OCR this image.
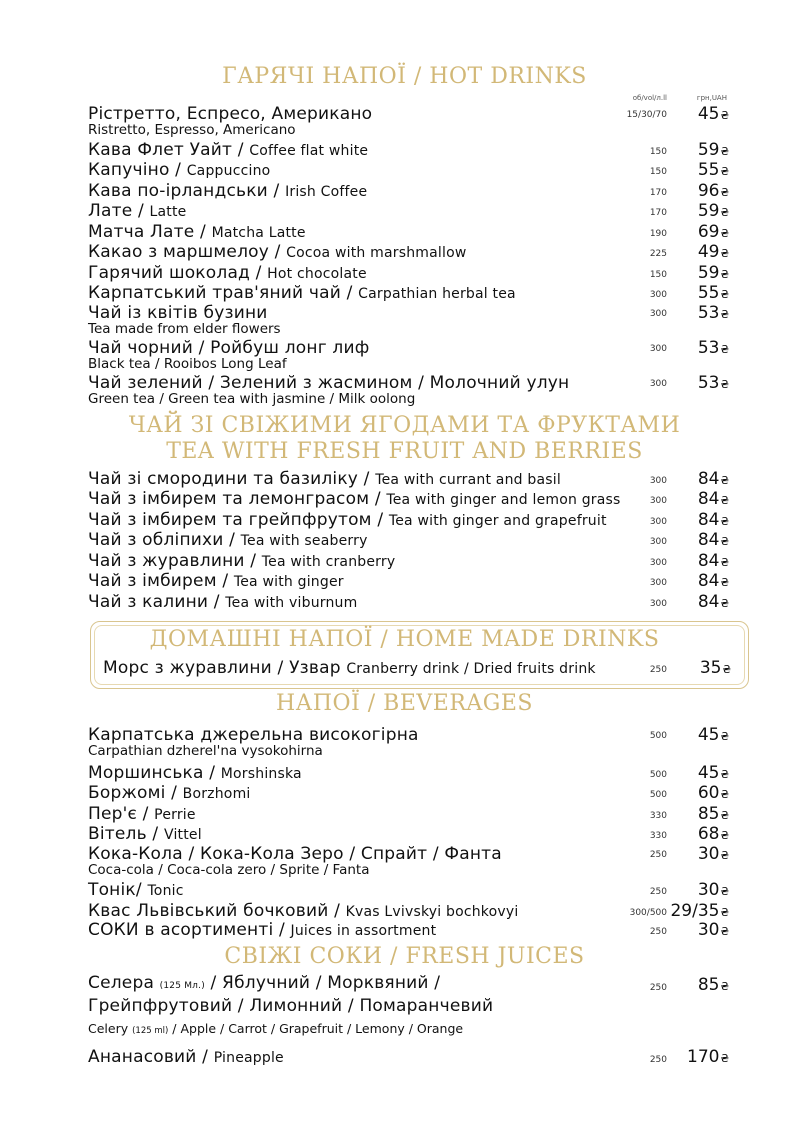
ГАРЯЧІ НАПОЇ / HOT DRINKS
об/vol/л.ll	грн,UAH
Рістретто, Еспресо, Американо
Ristretto, Espresso, Americano
15/30/70 45₴
Кава Флет Уайт / Coffee flat white	150 59₴
Капучіно / Cappuccino	150 55₴
Кава по-ірландськи / Irish Coffee	170 96₴
Лате / Latte	170 59₴
Матча Лате / Matcha Latte	190 69₴
Какао з маршмелоу / Cocoa with marshmallow	225 49₴
Гарячий шоколад / Hot chocolate	150 59₴
Карпатський трав'яний чай / Carpathian herbal tea	300 55₴
Чай із квітів бузини
Tea made from elder flowers
300 53₴
Чай чорний / Ройбуш лонг лиф
Black tea / Rooibos Long Leaf
300 53₴
Чай зелений / Зелений з жасмином / Молочний улун
Green tea / Green tea with jasmine / Milk oolong
300 53₴
ЧАЙ ЗІ СВІЖИМИ ЯГОДАМИ ТА ФРУКТАМИ
TEA WITH FRESH FRUIT AND BERRIES
Чай зі смородини та базиліку / Tea with currant and basil	300 84₴
Чай з імбирем та лемонграсом / Tea with ginger and lemon grass	300 84₴
Чай з імбирем та грейпфрутом / Tea with ginger and grapefruit	300 84₴
Чай з обліпихи / Tea with seaberry	300 84₴
Чай з журавлини / Tea with cranberry	300 84₴
Чай з імбирем / Tea with ginger	300 84₴
Чай з калини / Tea with viburnum	300 84₴
ДОМАШНІ НАПОЇ / HOME MADE DRINKS
Морс з журавлини / Узвар Cranberry drink / Dried fruits drink	250 35₴
НАПОЇ / BEVERAGES
Карпатська джерельна високогірна
Carpathian dzherel'na vysokohirna
500 45₴
Моршинська / Morshinska	500 45₴
Боржомі / Borzhomi	500 60₴
Пер'є / Perrie	330 85₴
Вітель / Vittel	330 68₴
Кока-Кола / Кока-Кола Зеро / Спрайт / Фанта
Coca-cola / Coca-cola zero / Sprite / Fanta
250 30₴
Тонік/ Tonic	250 30₴
Квас Львівський бочковий / Kvas Lvivskyi bochkovyi	300/500 29/35₴
СОКИ в асортименті / Juices in assortment	250 30₴
СВІЖІ СОКИ / FRESH JUICES
Селера (125 Мл.) / Яблучний / Морквяний /
Грейпфрутовий / Лимонний / Помаранчевий
Celery (125 ml) / Apple / Carrot / Grapefruit / Lemony / Orange
250 85₴
Ананасовий / Pineapple	250 170₴
